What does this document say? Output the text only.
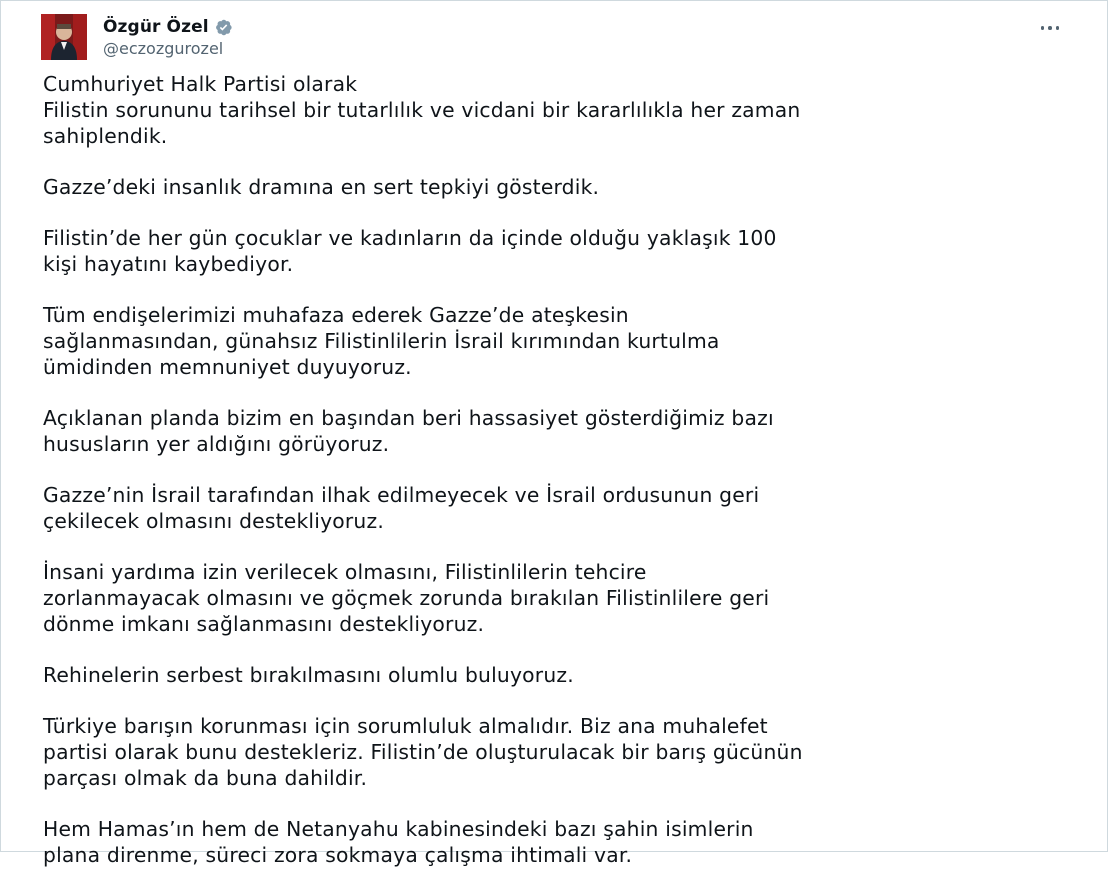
Özgür Özel
@eczozgurozel
Cumhuriyet Halk Partisi olarak
Filistin sorununu tarihsel bir tutarlılık ve vicdani bir kararlılıkla her zaman
sahiplendik.
Gazze’deki insanlık dramına en sert tepkiyi gösterdik.
Filistin’de her gün çocuklar ve kadınların da içinde olduğu yaklaşık 100
kişi hayatını kaybediyor.
Tüm endişelerimizi muhafaza ederek Gazze’de ateşkesin
sağlanmasından, günahsız Filistinlilerin İsrail kırımından kurtulma
ümidinden memnuniyet duyuyoruz.
Açıklanan planda bizim en başından beri hassasiyet gösterdiğimiz bazı
hususların yer aldığını görüyoruz.
Gazze’nin İsrail tarafından ilhak edilmeyecek ve İsrail ordusunun geri
çekilecek olmasını destekliyoruz.
İnsani yardıma izin verilecek olmasını, Filistinlilerin tehcire
zorlanmayacak olmasını ve göçmek zorunda bırakılan Filistinlilere geri
dönme imkanı sağlanmasını destekliyoruz.
Rehinelerin serbest bırakılmasını olumlu buluyoruz.
Türkiye barışın korunması için sorumluluk almalıdır. Biz ana muhalefet
partisi olarak bunu destekleriz. Filistin’de oluşturulacak bir barış gücünün
parçası olmak da buna dahildir.
Hem Hamas’ın hem de Netanyahu kabinesindeki bazı şahin isimlerin
plana direnme, süreci zora sokmaya çalışma ihtimali var.
